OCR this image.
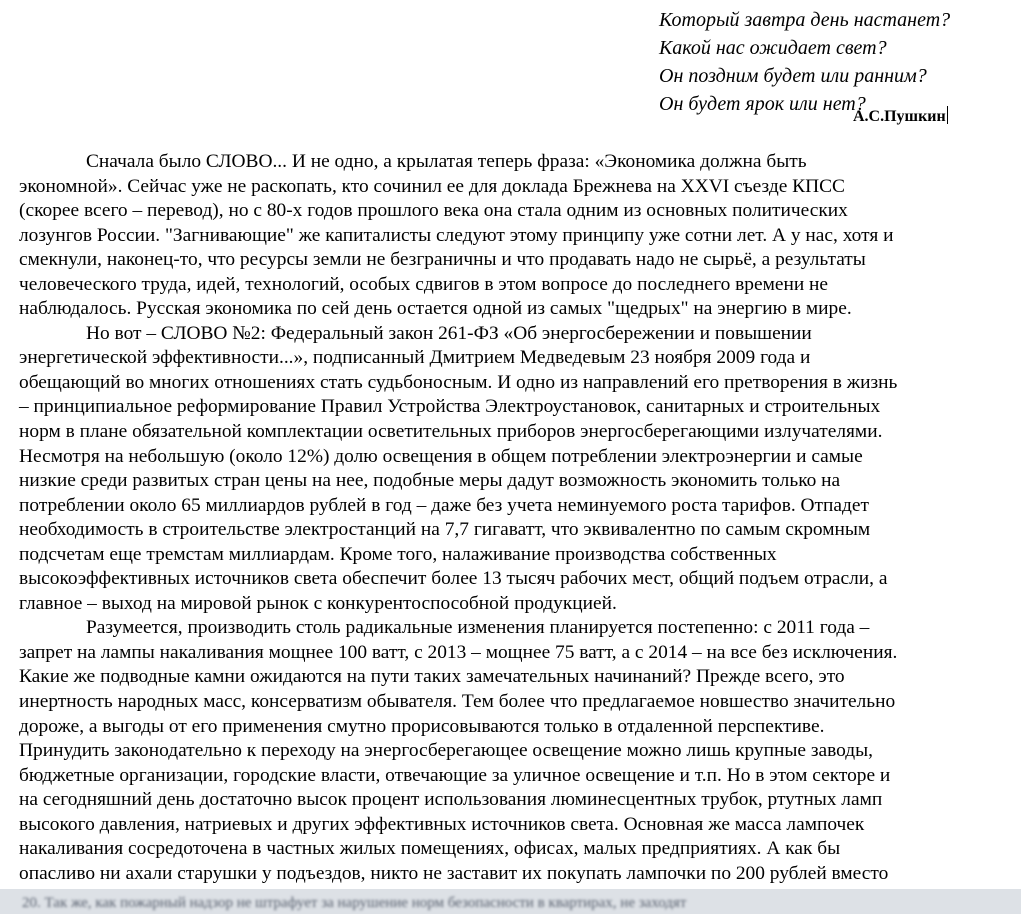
Который завтра день настанет?
Какой нас ожидает свет?
Он поздним будет или ранним?
Он будет ярок или нет?
А.С.Пушкин
Сначала было СЛОВО... И не одно, а крылатая теперь фраза: «Экономика должна быть
экономной». Сейчас уже не раскопать, кто сочинил ее для доклада Брежнева на XXVI съезде КПСС
(скорее всего – перевод), но с 80-х годов прошлого века она стала одним из основных политических
лозунгов России. "Загнивающие" же капиталисты следуют этому принципу уже сотни лет. А у нас, хотя и
смекнули, наконец-то, что ресурсы земли не безграничны и что продавать надо не сырьё, а результаты
человеческого труда, идей, технологий, особых сдвигов в этом вопросе до последнего времени не
наблюдалось. Русская экономика по сей день остается одной из самых "щедрых" на энергию в мире.
Но вот – СЛОВО №2: Федеральный закон 261-ФЗ «Об энергосбережении и повышении
энергетической эффективности...», подписанный Дмитрием Медведевым 23 ноября 2009 года и
обещающий во многих отношениях стать судьбоносным. И одно из направлений его претворения в жизнь
– принципиальное реформирование Правил Устройства Электроустановок, санитарных и строительных
норм в плане обязательной комплектации осветительных приборов энергосберегающими излучателями.
Несмотря на небольшую (около 12%) долю освещения в общем потреблении электроэнергии и самые
низкие среди развитых стран цены на нее, подобные меры дадут возможность экономить только на
потреблении около 65 миллиардов рублей в год – даже без учета неминуемого роста тарифов. Отпадет
необходимость в строительстве электростанций на 7,7 гигаватт, что эквивалентно по самым скромным
подсчетам еще тремстам миллиардам. Кроме того, налаживание производства собственных
высокоэффективных источников света обеспечит более 13 тысяч рабочих мест, общий подъем отрасли, а
главное – выход на мировой рынок с конкурентоспособной продукцией.
Разумеется, производить столь радикальные изменения планируется постепенно: с 2011 года –
запрет на лампы накаливания мощнее 100 ватт, с 2013 – мощнее 75 ватт, а с 2014 – на все без исключения.
Какие же подводные камни ожидаются на пути таких замечательных начинаний? Прежде всего, это
инертность народных масс, консерватизм обывателя. Тем более что предлагаемое новшество значительно
дороже, а выгоды от его применения смутно прорисовываются только в отдаленной перспективе.
Принудить законодательно к переходу на энергосберегающее освещение можно лишь крупные заводы,
бюджетные организации, городские власти, отвечающие за уличное освещение и т.п. Но в этом секторе и
на сегодняшний день достаточно высок процент использования люминесцентных трубок, ртутных ламп
высокого давления, натриевых и других эффективных источников света. Основная же масса лампочек
накаливания сосредоточена в частных жилых помещениях, офисах, малых предприятиях. А как бы
опасливо ни ахали старушки у подъездов, никто не заставит их покупать лампочки по 200 рублей вместо
20. Так же, как пожарный надзор не штрафует за нарушение норм безопасности в квартирах, не заходят
